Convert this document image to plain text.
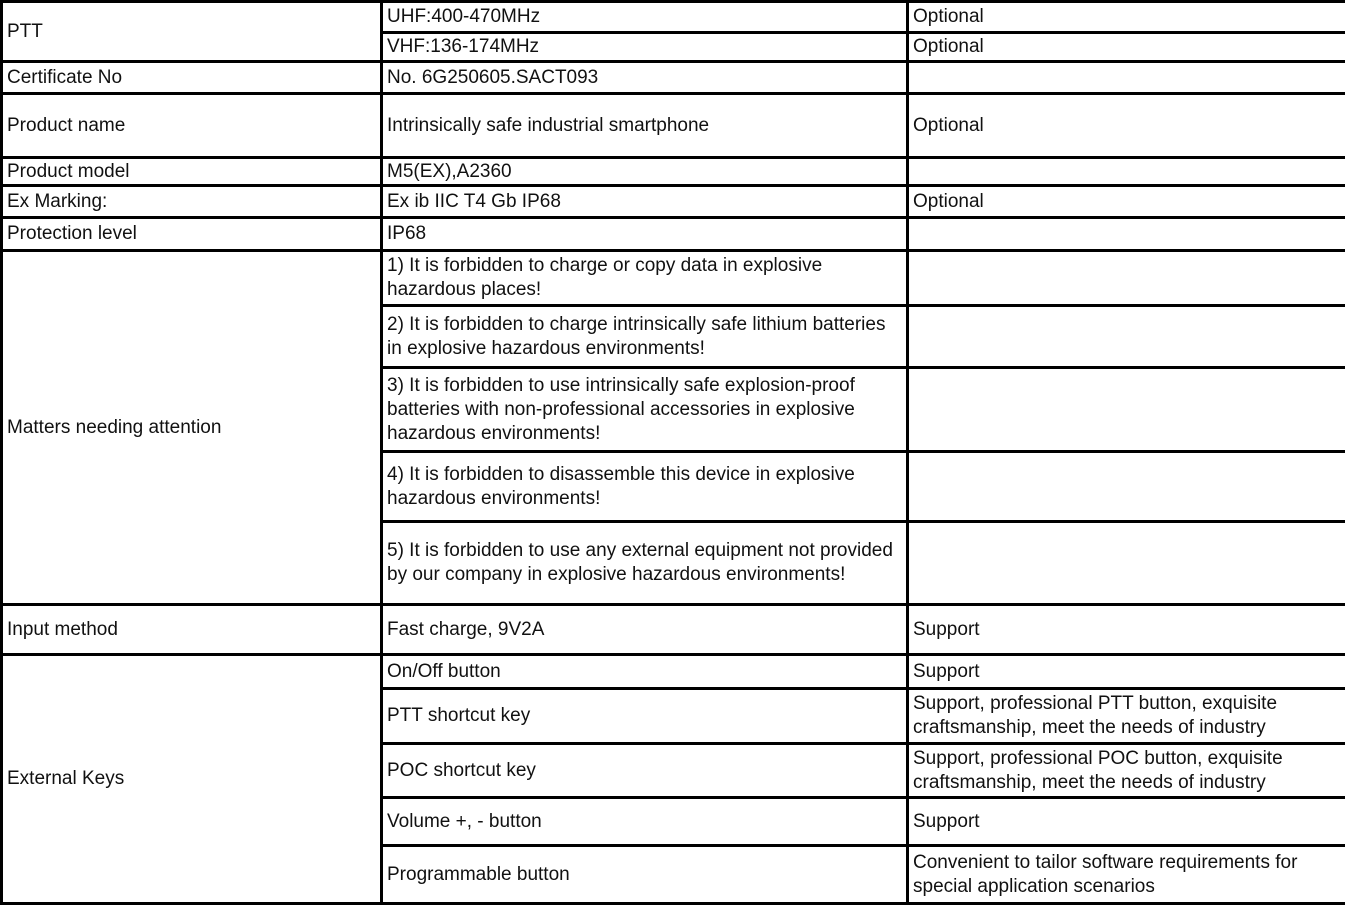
PTT	UHF:400-470MHz	Optional
	VHF:136-174MHz	Optional
Certificate No	No. 6G250605.SACT093	
Product name	Intrinsically safe industrial smartphone	Optional
Product model	M5(EX),A2360	
Ex Marking:	Ex ib IIC T4 Gb IP68	Optional
Protection level	IP68	
Matters needing attention	1) It is forbidden to charge or copy data in explosive hazardous places!	
	2) It is forbidden to charge intrinsically safe lithium batteries in explosive hazardous environments!	
	3) It is forbidden to use intrinsically safe explosion-proof batteries with non-professional accessories in explosive hazardous environments!	
	4) It is forbidden to disassemble this device in explosive hazardous environments!	
	5) It is forbidden to use any external equipment not provided by our company in explosive hazardous environments!	
Input method	Fast charge, 9V2A	Support
External Keys	On/Off button	Support
	PTT shortcut key	Support, professional PTT button, exquisite craftsmanship, meet the needs of industry
	POC shortcut key	Support, professional POC button, exquisite craftsmanship, meet the needs of industry
	Volume +, - button	Support
	Programmable button	Convenient to tailor software requirements for special application scenarios
